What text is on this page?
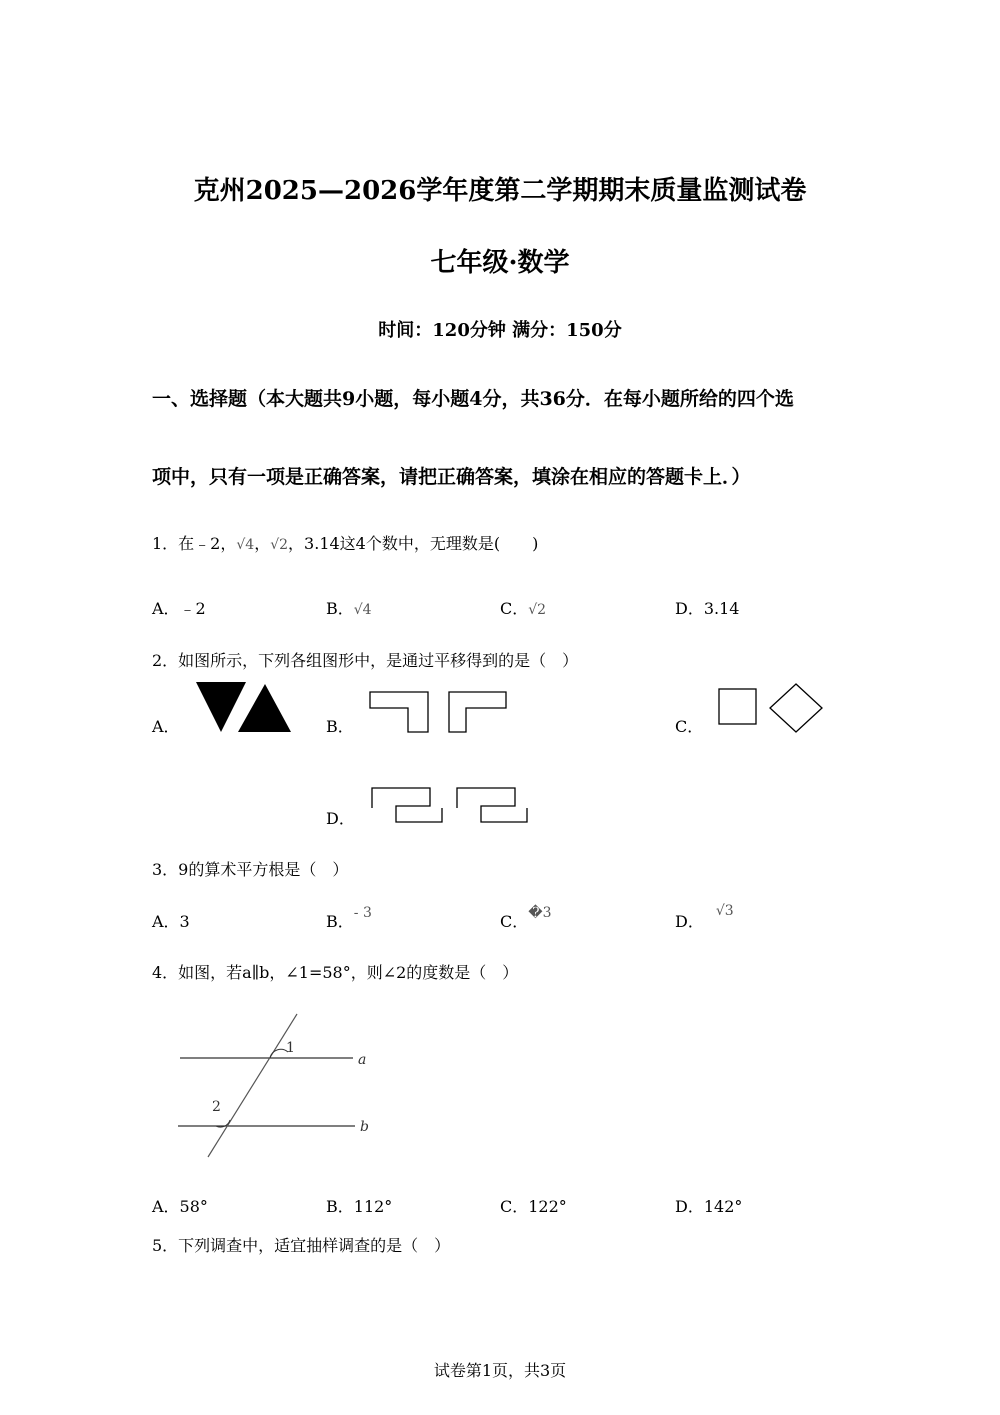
克州2025—2026学年度第二学期期末质量监测试卷
七年级·数学
时间：120分钟 满分：150分
一、选择题（本大题共9小题，每小题4分，共36分．在每小题所给的四个选
项中，只有一项是正确答案，请把正确答案，填涂在相应的答题卡上．）
1．在﹣2，√4，√2，3.14这4个数中，无理数是(　　)
A．﹣2	B．√4	C．√2	D．3.14
2．如图所示，下列各组图形中，是通过平移得到的是（　）
A．	B．	C．
D．
3．9的算术平方根是（　）
A．3	B．- 3	C．�3	D．√3
4．如图，若a∥b，∠1=58°，则∠2的度数是（　）
1
2
a
b
A．58°	B．112°	C．122°	D．142°
5．下列调查中，适宜抽样调查的是（　）
试卷第1页，共3页
